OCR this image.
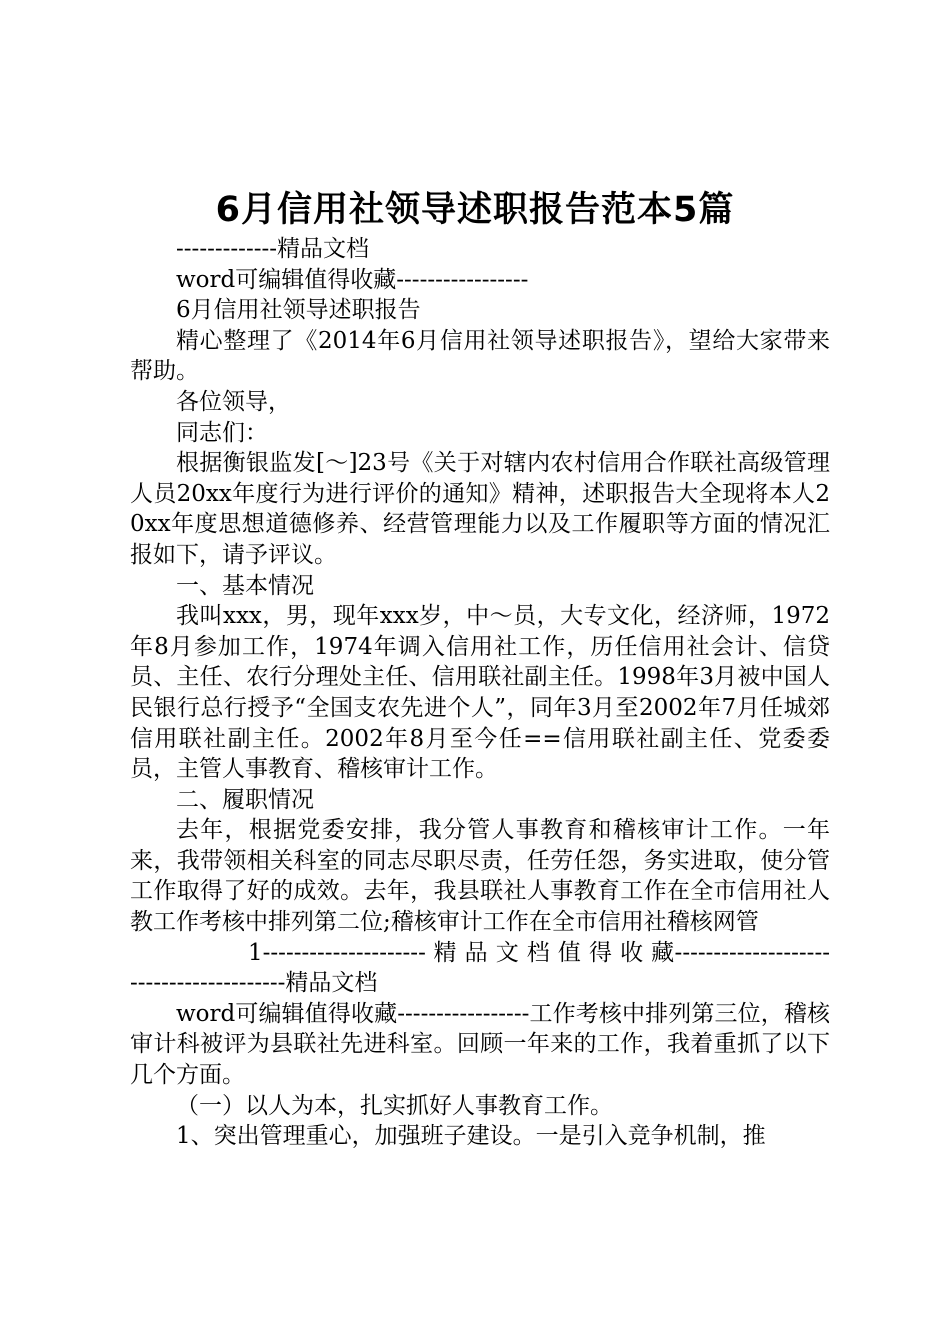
6月信用社领导述职报告范本5篇

-------------精品文档

word可编辑值得收藏-----------------

6月信用社领导述职报告

精心整理了《2014年6月信用社领导述职报告》，望给大家带来帮助。

各位领导，

同志们：

根据衡银监发[～]23号《关于对辖内农村信用合作联社高级管理人员20xx年度行为进行评价的通知》精神，述职报告大全现将本人20xx年度思想道德修养、经营管理能力以及工作履职等方面的情况汇报如下，请予评议。

一、基本情况

我叫xxx，男，现年xxx岁，中～员，大专文化，经济师，1972年8月参加工作，1974年调入信用社工作，历任信用社会计、信贷员、主任、农行分理处主任、信用联社副主任。1998年3月被中国人民银行总行授予“全国支农先进个人”，同年3月至2002年7月任城郊信用联社副主任。2002年8月至今任==信用联社副主任、党委委员，主管人事教育、稽核审计工作。

二、履职情况

去年，根据党委安排，我分管人事教育和稽核审计工作。一年来，我带领相关科室的同志尽职尽责，任劳任怨，务实进取，使分管工作取得了好的成效。去年，我县联社人事教育工作在全市信用社人教工作考核中排列第二位;稽核审计工作在全市信用社稽核网管

1--------------------- 精 品 文 档 值 得 收 藏----------------------------------------精品文档

word可编辑值得收藏-----------------工作考核中排列第三位，稽核审计科被评为县联社先进科室。回顾一年来的工作，我着重抓了以下几个方面。

（一）以人为本，扎实抓好人事教育工作。

1、突出管理重心，加强班子建设。一是引入竞争机制，推
